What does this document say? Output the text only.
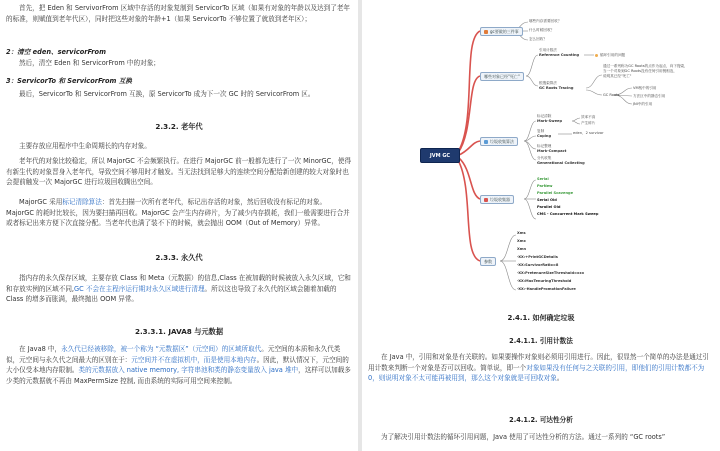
首先，把 Eden 和 ServivorFrom 区域中存活的对象复制到 ServicorTo 区域（如果有对象的年龄以及达到了老年的标准，则赋值到老年代区），同时把这些对象的年龄+1（如果 ServicorTo 不够位置了就放到老年区）；

2：清空 eden、servicorFrom

然后，清空 Eden 和 ServicorFrom 中的对象；

3：ServicorTo 和 ServicorFrom 互换

最后，ServicorTo 和 ServicorFrom 互换，原 ServicorTo 成为下一次 GC 时的 ServicorFrom 区。

2.3.2. 老年代

主要存放应用程序中生命周期长的内存对象。

老年代的对象比较稳定，所以 MajorGC 不会频繁执行。在进行 MajorGC 前一般都先进行了一次 MinorGC，使得有新生代的对象晋身入老年代，导致空间不够用时才触发。当无法找到足够大的连续空间分配给新创建的较大对象时也会提前触发一次 MajorGC 进行垃圾回收腾出空间。

MajorGC 采用标记清除算法：首先扫描一次所有老年代，标记出存活的对象，然后回收没有标记的对象。MajorGC 的耗时比较长，因为要扫描再回收。MajorGC 会产生内存碎片，为了减少内存损耗，我们一般需要进行合并或者标记出来方便下次直接分配。当老年代也满了装不下的时候，就会抛出 OOM（Out of Memory）异常。

2.3.3. 永久代

指内存的永久保存区域，主要存放 Class 和 Meta（元数据）的信息,Class 在被加载的时候被放入永久区域，它和和存放实例的区域不同,GC 不会在主程序运行期对永久区域进行清理。所以这也导致了永久代的区域会随着加载的 Class 的增多而胀满，最终抛出 OOM 异常。

2.3.3.1. JAVA8 与元数据

在 Java8 中，永久代已经被移除，被一个称为 “元数据区”（元空间）的区域所取代。元空间的本质和永久代类似，元空间与永久代之间最大的区别在于：元空间并不在虚拟机中，而是使用本地内存。因此，默认情况下，元空间的大小仅受本地内存限制。类的元数据放入 native memory, 字符串池和类的静态变量放入 java 堆中，这样可以加载多少类的元数据就不再由 MaxPermSize 控制, 而由系统的实际可用空间来控制。

JVM GC
gc要做的三件事
哪些内存需要回收？
什么时候回收？
怎么回收？
哪些对象已经"死亡"
引用计数法
Reference Counting	循环引用的问题
根搜索算法
GC Roots Tracing
通过一系列称为GC Roots的点作为起点，向下搜索，
当一个对象到GC Roots没有任何引用链相连，
说明其已经"死亡"
GC Roots
VM栈中的引用
方法区中的静态引用
JNI中的引用
垃圾收集算法
标记清除
Mark-Sweep
效率不高
产生碎片
复制
Coping
eden、2 survivor
标记整理
Mark-Compact
分代收集
Generational Collecting
垃圾收集器
Serial
ParNew
Parallel Scavenge
Serial Old
Parallel Old
CMS - Concurrent Mark Sweep
参数
Xms
Xmx
Xmn
-XX:+PrintGCDetails
-XX:SurvivorRatio=8
-XX:PretenureSizeThreshold=xxx
-XX:MaxTenuringThreshold
-XX:-HandlePromotionFailure
2.4.1. 如何确定垃圾
2.4.1.1. 引用计数法

在 Java 中，引用和对象是有关联的。如果要操作对象则必须用引用进行。因此，很显然一个简单的办法是通过引用计数来判断一个对象是否可以回收。简单说，即一个对象如果没有任何与之关联的引用，即他们的引用计数都不为 0，则说明对象不太可能再被用到，那么这个对象就是可回收对象。

2.4.1.2. 可达性分析

为了解决引用计数法的循环引用问题，Java 使用了可达性分析的方法。通过一系列的 “GC roots”
